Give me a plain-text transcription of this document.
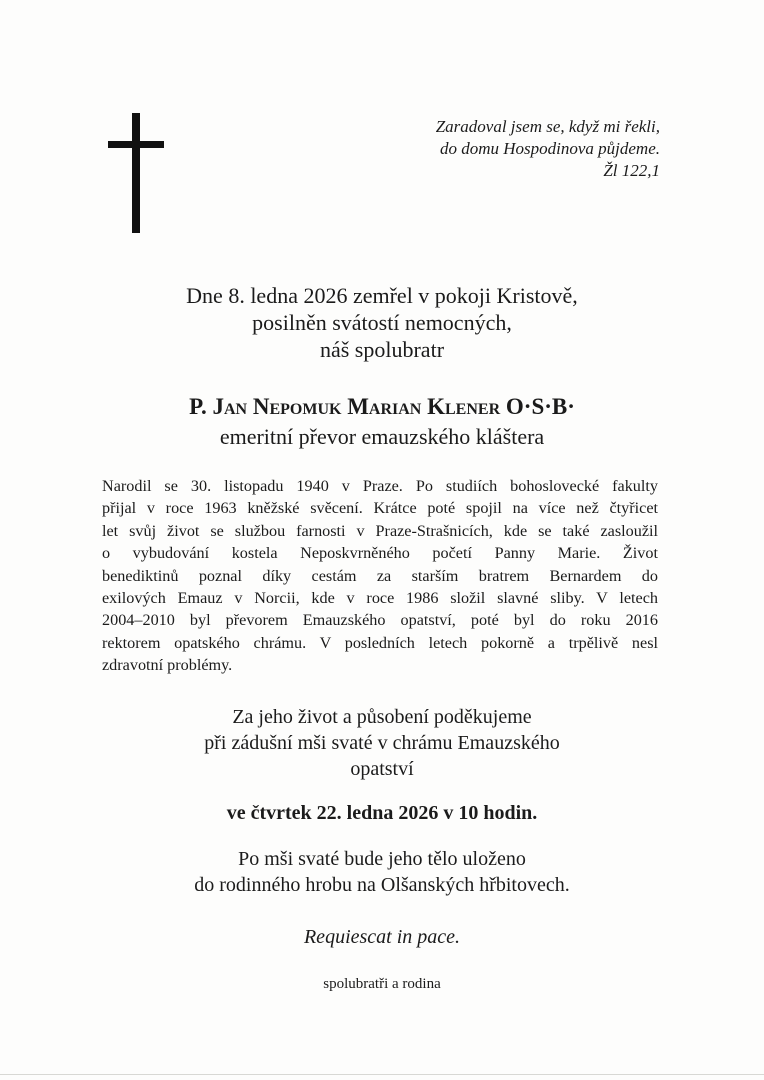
Zaradoval jsem se, když mi řekli,
do domu Hospodinova půjdeme.
Žl 122,1
Dne 8. ledna 2026 zemřel v pokoji Kristově,
posilněn svátostí nemocných,
náš spolubratr
P. Jan Nepomuk Marian Klener O·S·B·
emeritní převor emauzského kláštera
Narodil se 30. listopadu 1940 v Praze. Po studiích bohoslovecké fakulty
přijal v roce 1963 kněžské svěcení. Krátce poté spojil na více než čtyřicet
let svůj život se službou farnosti v Praze-Strašnicích, kde se také zasloužil
o vybudování kostela Neposkvrněného početí Panny Marie. Život
benediktinů poznal díky cestám za starším bratrem Bernardem do
exilových Emauz v Norcii, kde v roce 1986 složil slavné sliby. V letech
2004–2010 byl převorem Emauzského opatství, poté byl do roku 2016
rektorem opatského chrámu. V posledních letech pokorně a trpělivě nesl
zdravotní problémy.
Za jeho život a působení poděkujeme
při zádušní mši svaté v chrámu Emauzského
opatství
ve čtvrtek 22. ledna 2026 v 10 hodin.
Po mši svaté bude jeho tělo uloženo
do rodinného hrobu na Olšanských hřbitovech.
Requiescat in pace.
spolubratři a rodina
